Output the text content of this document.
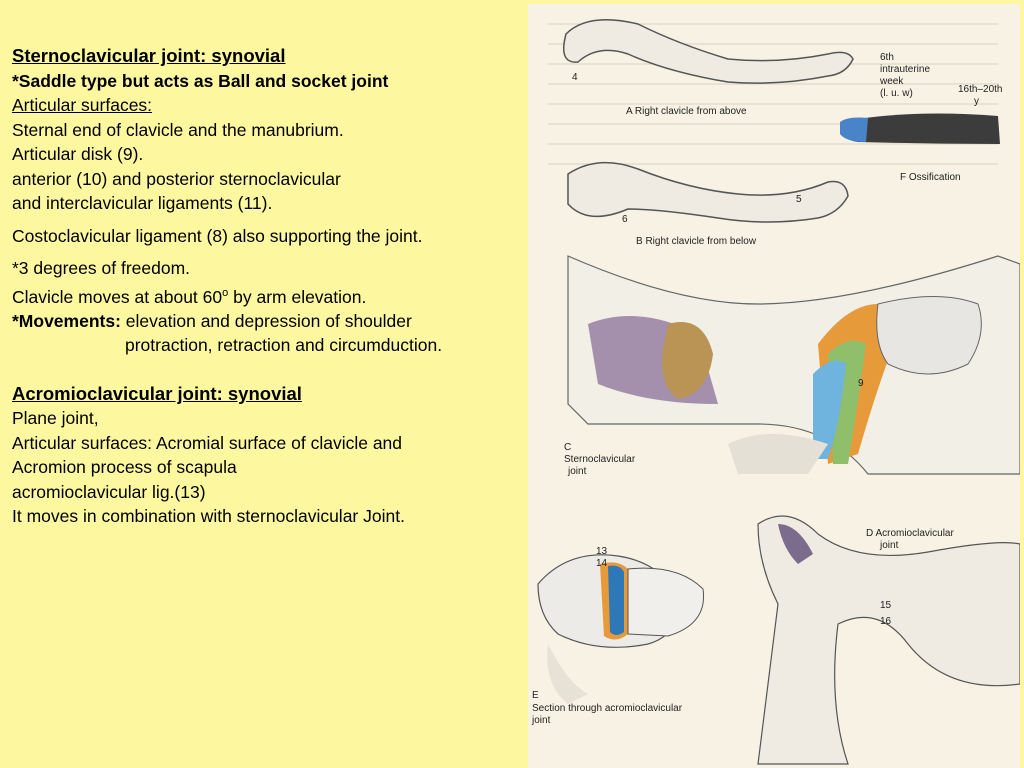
Sternoclavicular joint: synovial

*Saddle type but acts as Ball and socket joint

Articular surfaces:

Sternal end of clavicle and the manubrium.

Articular disk (9).

anterior (10) and posterior sternoclavicular

and interclavicular ligaments (11).

Costoclavicular ligament (8) also supporting the joint.

*3 degrees of freedom.

Clavicle moves at about 60$^o$ by arm elevation.

*Movements: elevation and depression of shoulder

protraction, retraction and circumduction.

Acromioclavicular joint: synovial

Plane joint,

Articular surfaces: Acromial surface of clavicle and

Acromion process of scapula

acromioclavicular lig.(13)

It moves in combination with sternoclavicular Joint.

4
A Right clavicle from above
6th
intrauterine
week
(l. u. w)	16th–20th
y
F Ossification
6
5
B Right clavicle from below
9
C
Sternoclavicular
joint
D Acromioclavicular
joint
15
16
13
14
E
Section through acromioclavicular
joint
